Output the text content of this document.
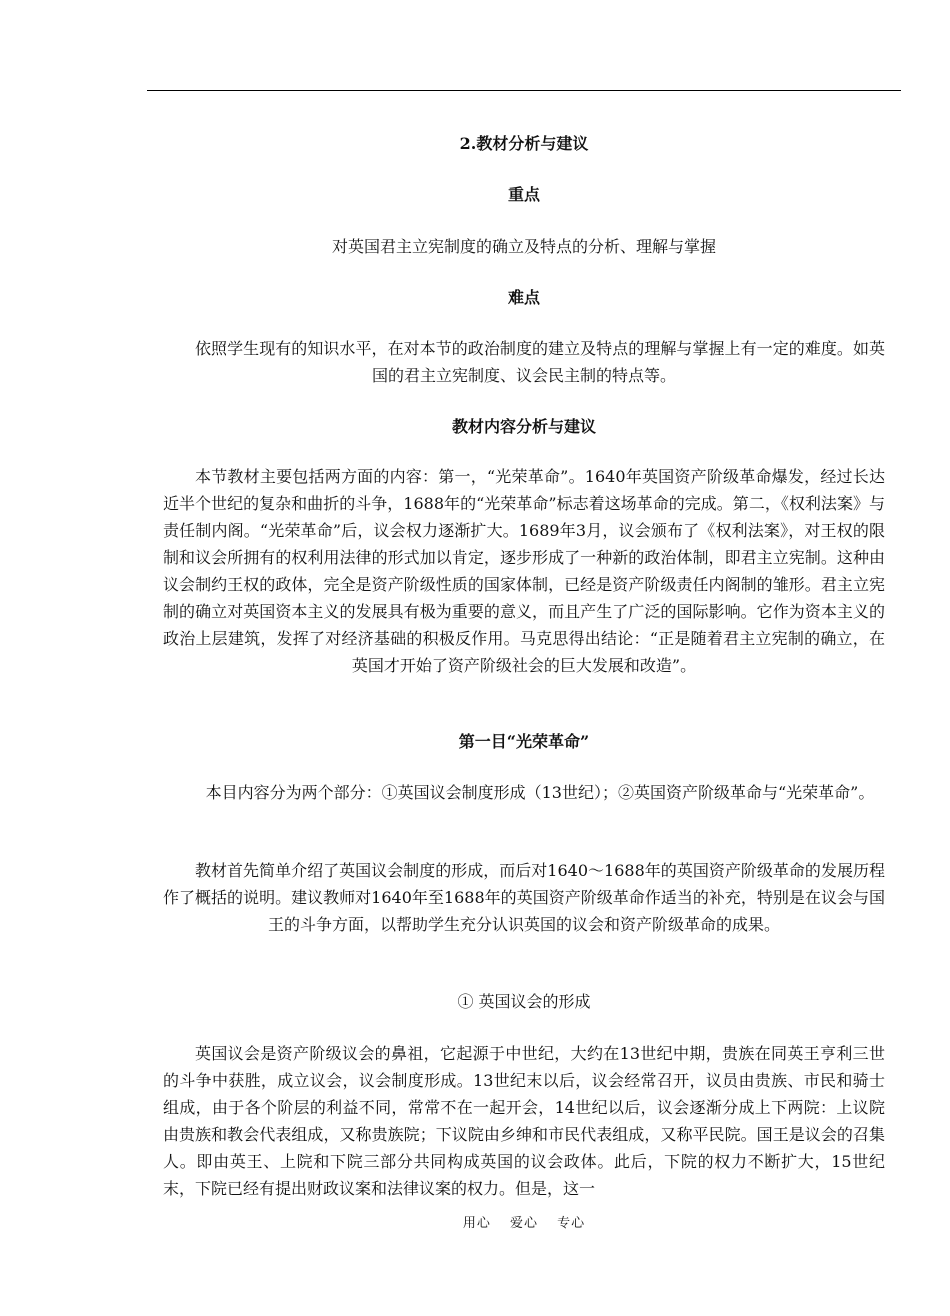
2.教材分析与建议
重点
对英国君主立宪制度的确立及特点的分析、理解与掌握
难点
依照学生现有的知识水平，在对本节的政治制度的建立及特点的理解与掌握上有一定的难度。如英国的君主立宪制度、议会民主制的特点等。
教材内容分析与建议
本节教材主要包括两方面的内容：第一，“光荣革命”。1640年英国资产阶级革命爆发，经过长达近半个世纪的复杂和曲折的斗争，1688年的“光荣革命”标志着这场革命的完成。第二，《权利法案》与责任制内阁。“光荣革命”后，议会权力逐渐扩大。1689年3月，议会颁布了《权利法案》，对王权的限制和议会所拥有的权利用法律的形式加以肯定，逐步形成了一种新的政治体制，即君主立宪制。这种由议会制约王权的政体，完全是资产阶级性质的国家体制，已经是资产阶级责任内阁制的雏形。君主立宪制的确立对英国资本主义的发展具有极为重要的意义，而且产生了广泛的国际影响。它作为资本主义的政治上层建筑，发挥了对经济基础的积极反作用。马克思得出结论：“正是随着君主立宪制的确立，在英国才开始了资产阶级社会的巨大发展和改造”。
第一目“光荣革命”
本目内容分为两个部分：①英国议会制度形成（13世纪）；②英国资产阶级革命与“光荣革命”。
教材首先简单介绍了英国议会制度的形成，而后对1640～1688年的英国资产阶级革命的发展历程作了概括的说明。建议教师对1640年至1688年的英国资产阶级革命作适当的补充，特别是在议会与国王的斗争方面，以帮助学生充分认识英国的议会和资产阶级革命的成果。
① 英国议会的形成
英国议会是资产阶级议会的鼻祖，它起源于中世纪，大约在13世纪中期，贵族在同英王亨利三世的斗争中获胜，成立议会，议会制度形成。13世纪末以后，议会经常召开，议员由贵族、市民和骑士组成，由于各个阶层的利益不同，常常不在一起开会，14世纪以后，议会逐渐分成上下两院：上议院由贵族和教会代表组成，又称贵族院；下议院由乡绅和市民代表组成，又称平民院。国王是议会的召集人。即由英王、上院和下院三部分共同构成英国的议会政体。此后，下院的权力不断扩大，15世纪末，下院已经有提出财政议案和法律议案的权力。但是，这一
用心 爱心 专心
